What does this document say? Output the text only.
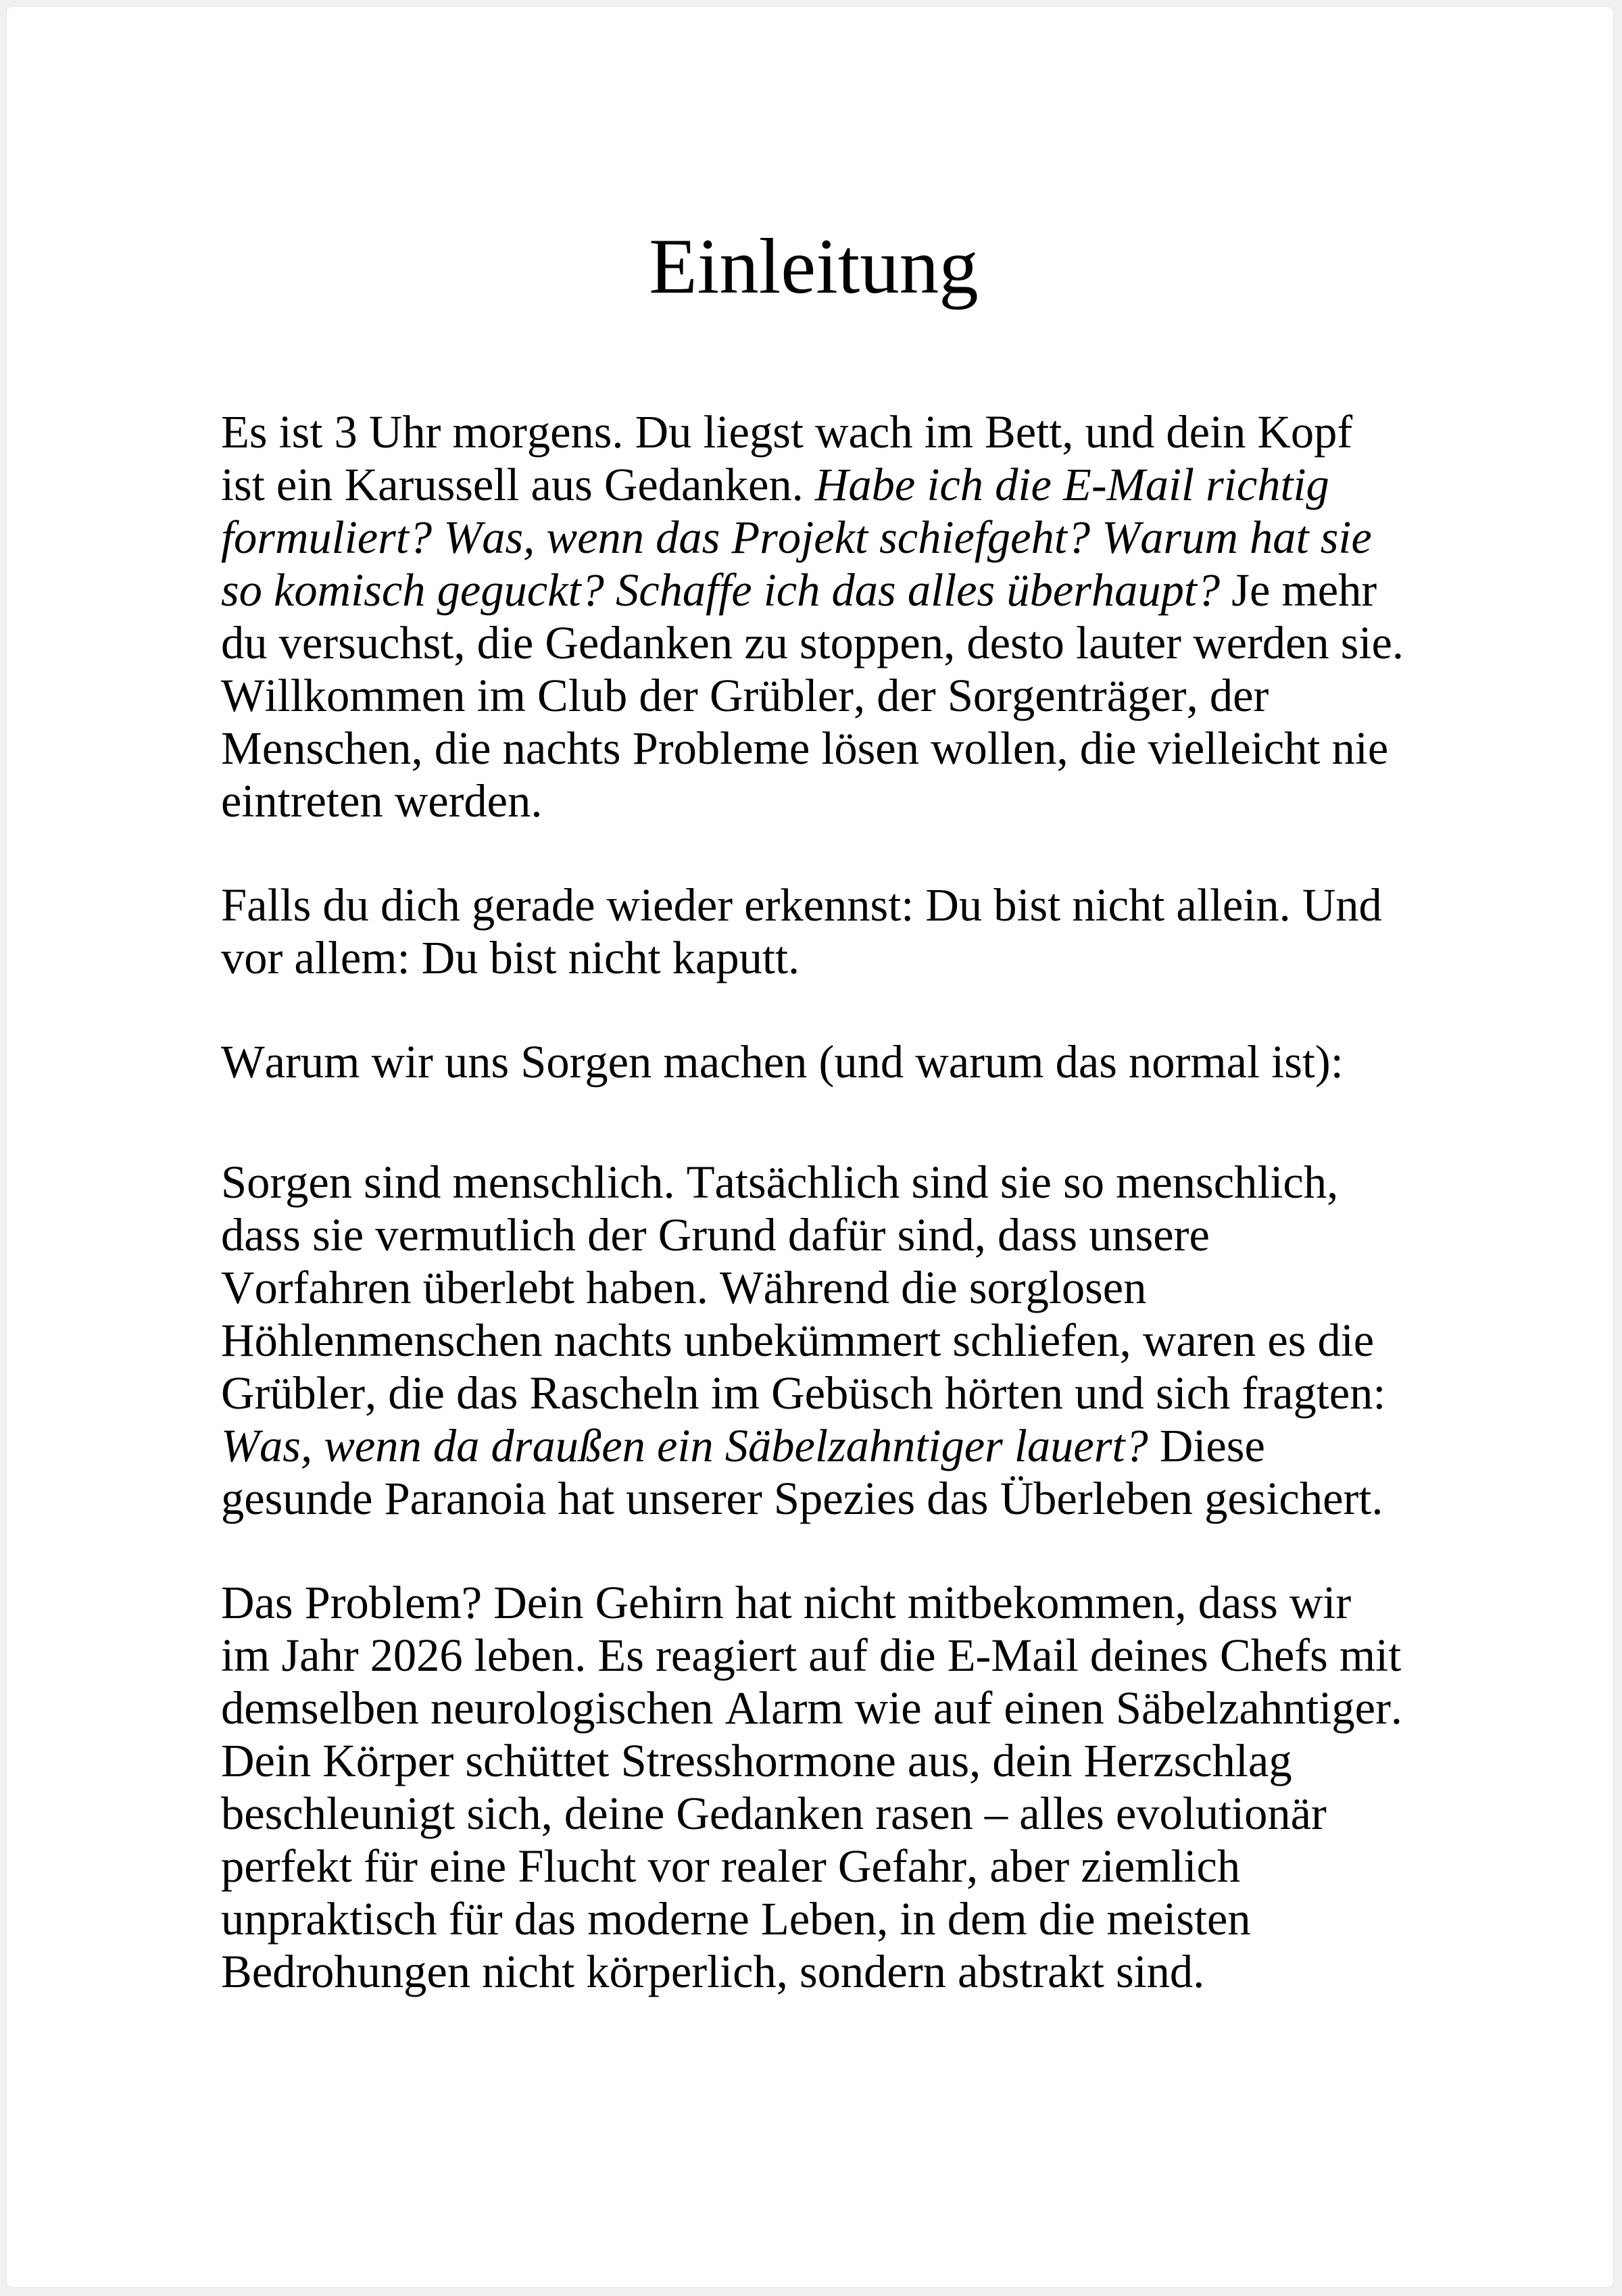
Einleitung

Es ist 3 Uhr morgens. Du liegst wach im Bett, und dein Kopf ist ein Karussell aus Gedanken. Habe ich die E-Mail richtig formuliert? Was, wenn das Projekt schiefgeht? Warum hat sie so komisch geguckt? Schaffe ich das alles überhaupt? Je mehr du versuchst, die Gedanken zu stoppen, desto lauter werden sie. Willkommen im Club der Grübler, der Sorgenträger, der Menschen, die nachts Probleme lösen wollen, die vielleicht nie eintreten werden.

Falls du dich gerade wieder erkennst: Du bist nicht allein. Und vor allem: Du bist nicht kaputt.

Warum wir uns Sorgen machen (und warum das normal ist):

Sorgen sind menschlich. Tatsächlich sind sie so menschlich, dass sie vermutlich der Grund dafür sind, dass unsere Vorfahren überlebt haben. Während die sorglosen Höhlenmenschen nachts unbekümmert schliefen, waren es die Grübler, die das Rascheln im Gebüsch hörten und sich fragten: Was, wenn da draußen ein Säbelzahntiger lauert? Diese gesunde Paranoia hat unserer Spezies das Überleben gesichert.

Das Problem? Dein Gehirn hat nicht mitbekommen, dass wir im Jahr 2026 leben. Es reagiert auf die E-Mail deines Chefs mit demselben neurologischen Alarm wie auf einen Säbelzahntiger. Dein Körper schüttet Stresshormone aus, dein Herzschlag beschleunigt sich, deine Gedanken rasen – alles evolutionär perfekt für eine Flucht vor realer Gefahr, aber ziemlich unpraktisch für das moderne Leben, in dem die meisten Bedrohungen nicht körperlich, sondern abstrakt sind.
